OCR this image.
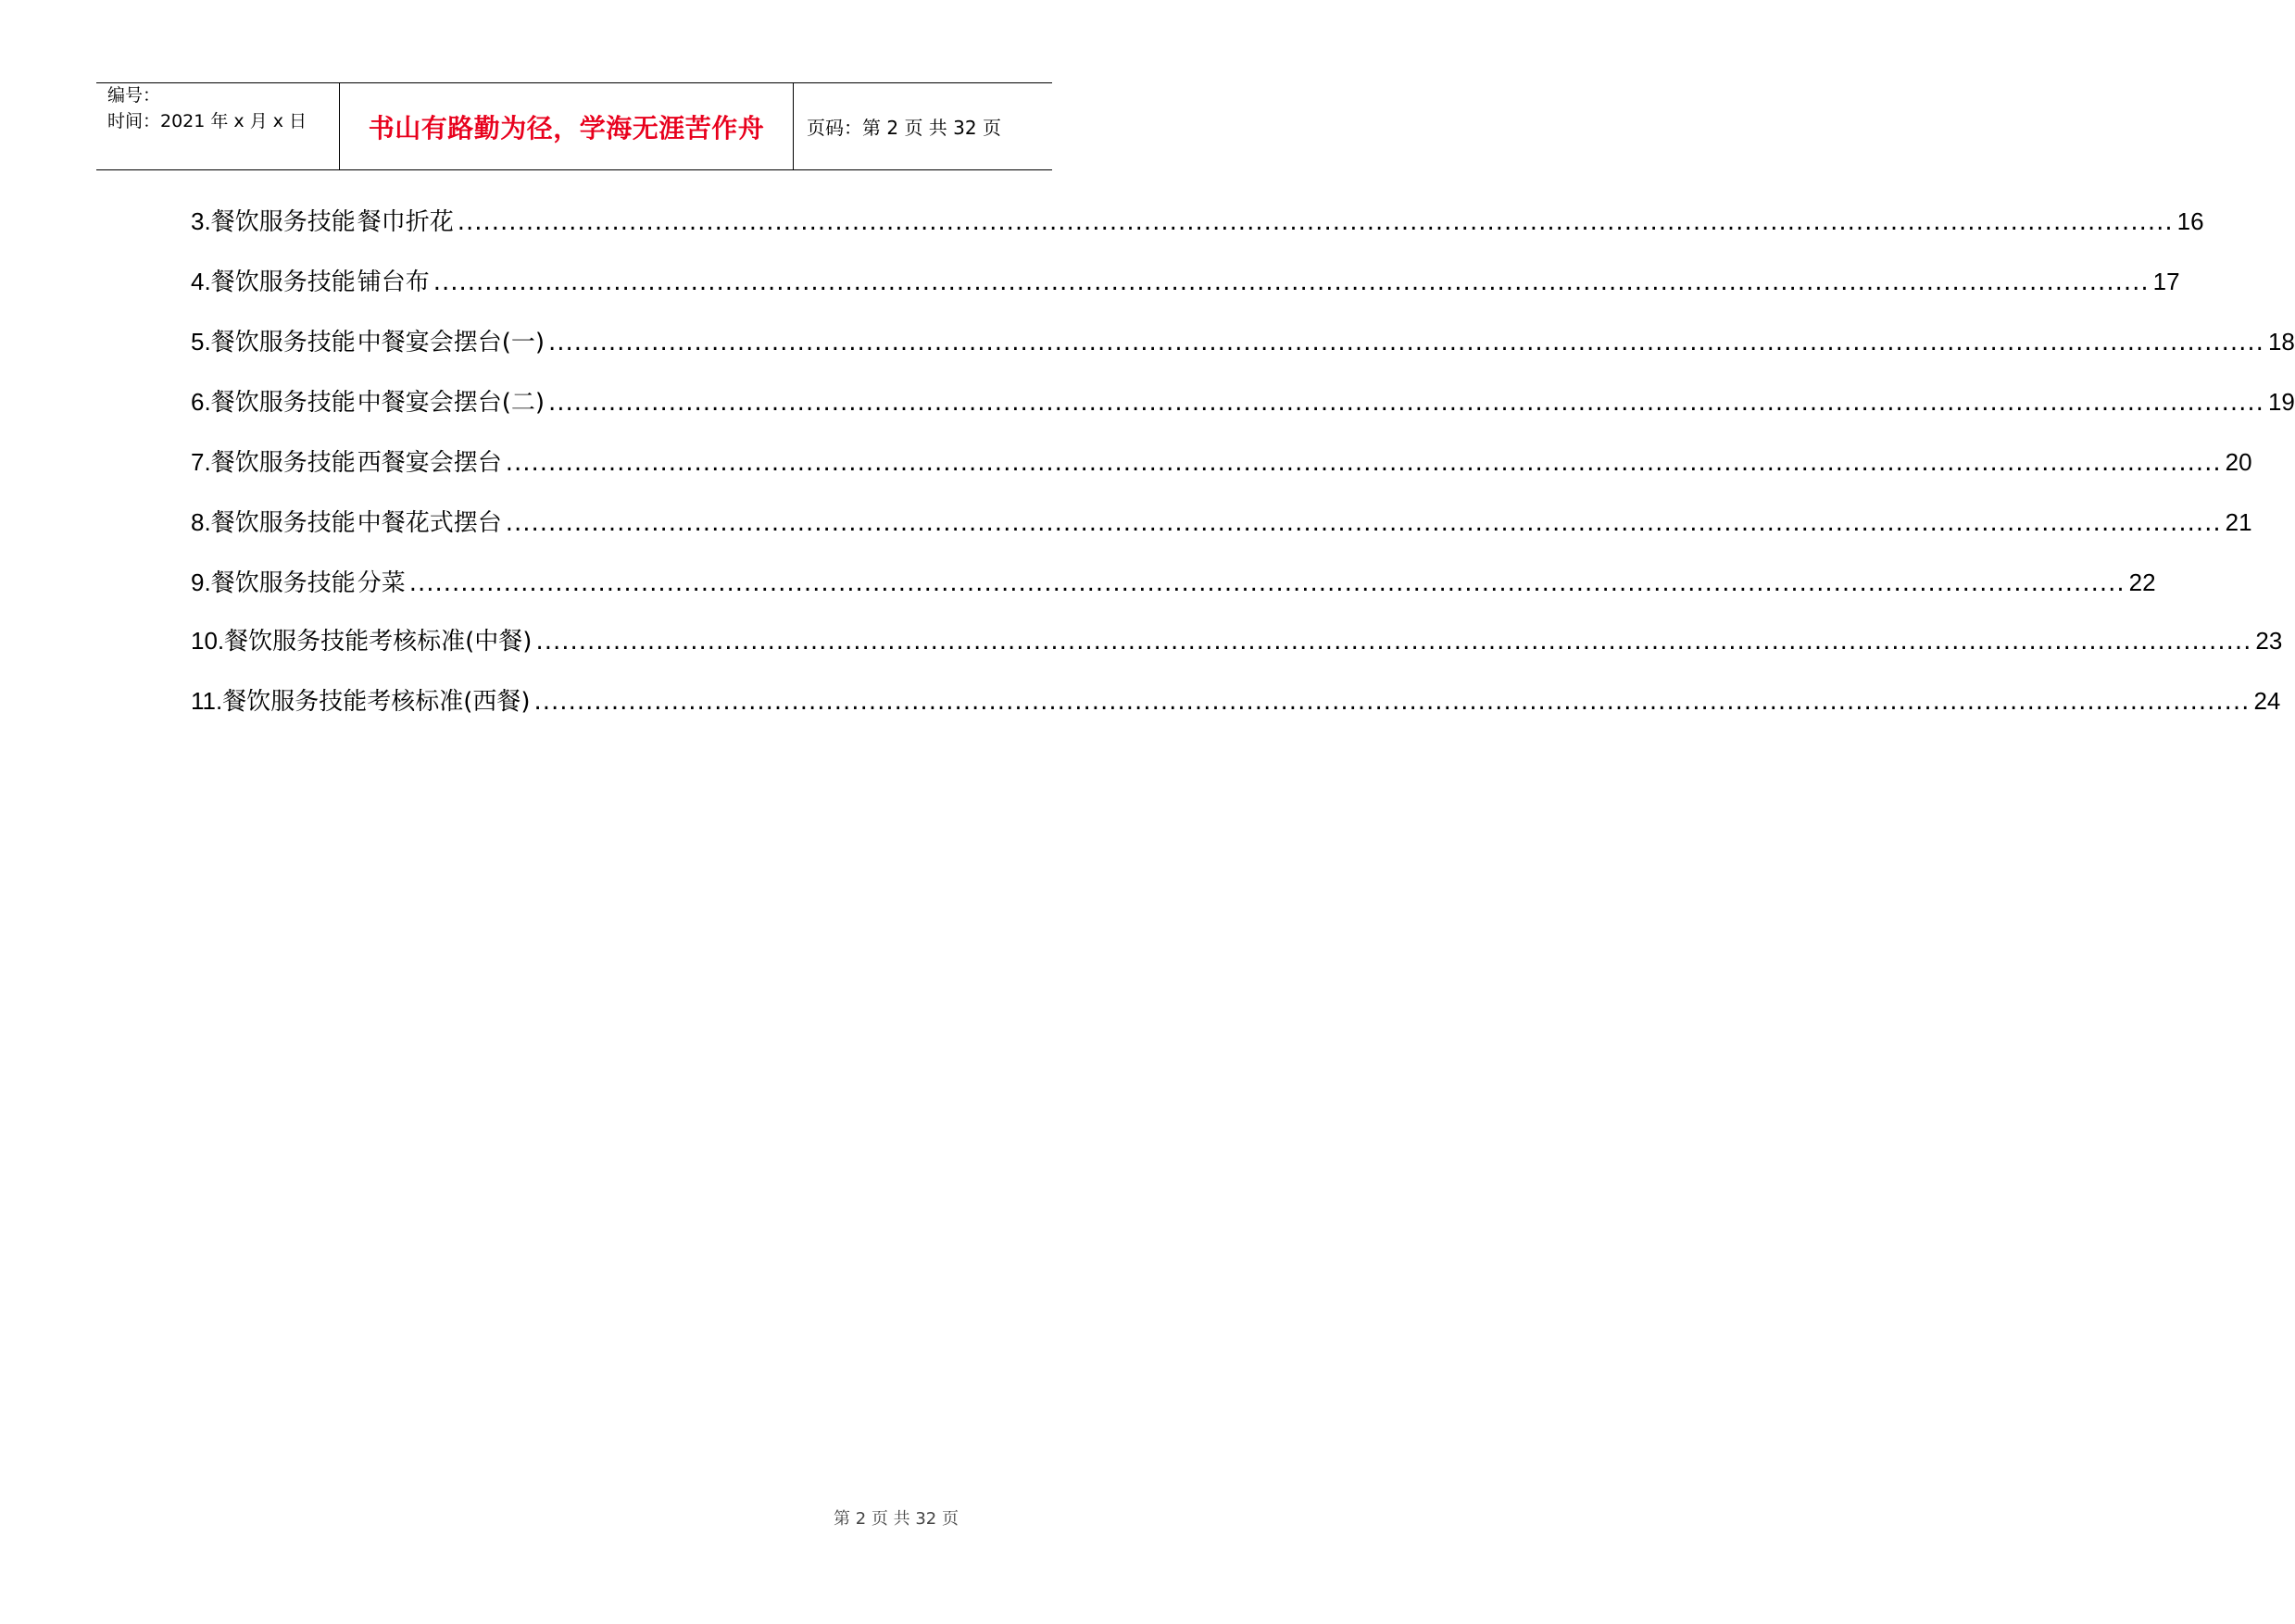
编号：
时间：2021 年 x 月 x 日 书山有路勤为径，学海无涯苦作舟 页码：第 2 页 共 32 页
3. 餐饮服务技能 餐巾折花 ........................................................................................................................................................................................................ 16
4. 餐饮服务技能 铺台布 ........................................................................................................................................................................................................ 17
5. 餐饮服务技能 中餐宴会摆台(一) ........................................................................................................................................................................................................ 18
6. 餐饮服务技能 中餐宴会摆台(二) ........................................................................................................................................................................................................ 19
7. 餐饮服务技能 西餐宴会摆台 ........................................................................................................................................................................................................ 20
8. 餐饮服务技能 中餐花式摆台 ........................................................................................................................................................................................................ 21
9. 餐饮服务技能 分菜 ........................................................................................................................................................................................................ 22
10. 餐饮服务技能考核标准(中餐) ........................................................................................................................................................................................................ 23
11. 餐饮服务技能考核标准(西餐) ........................................................................................................................................................................................................ 24
第 2 页 共 32 页
